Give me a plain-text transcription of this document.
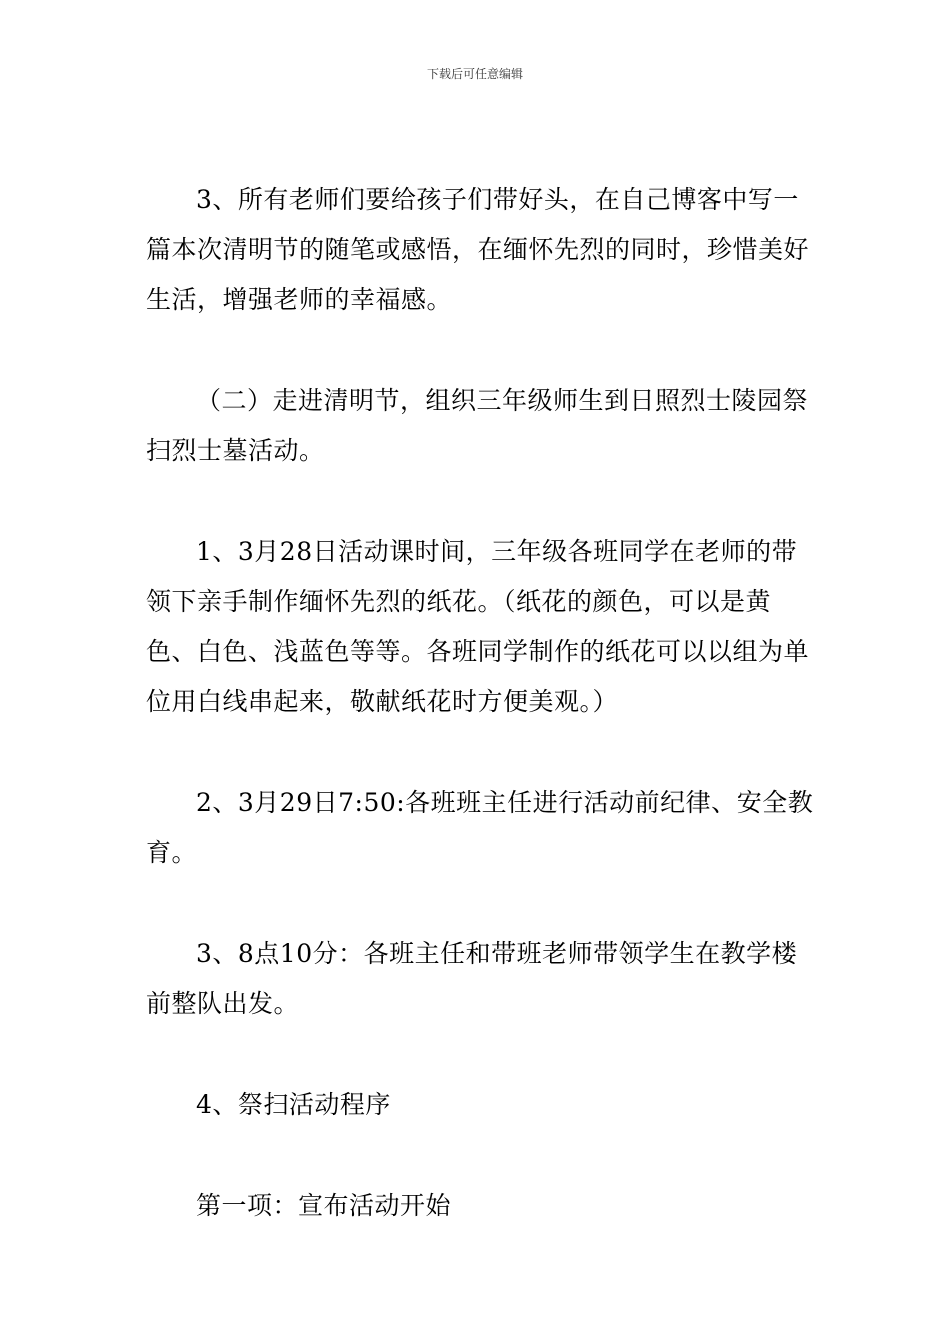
下载后可任意编辑

3、所有老师们要给孩子们带好头，在自己博客中写一篇本次清明节的随笔或感悟，在缅怀先烈的同时，珍惜美好生活，增强老师的幸福感。

（二）走进清明节，组织三年级师生到日照烈士陵园祭扫烈士墓活动。

1、3月28日活动课时间，三年级各班同学在老师的带领下亲手制作缅怀先烈的纸花。（纸花的颜色，可以是黄色、白色、浅蓝色等等。各班同学制作的纸花可以以组为单位用白线串起来，敬献纸花时方便美观。）

2、3月29日7:50:各班班主任进行活动前纪律、安全教育。

3、8点10分：各班主任和带班老师带领学生在教学楼前整队出发。

4、祭扫活动程序

第一项：宣布活动开始
